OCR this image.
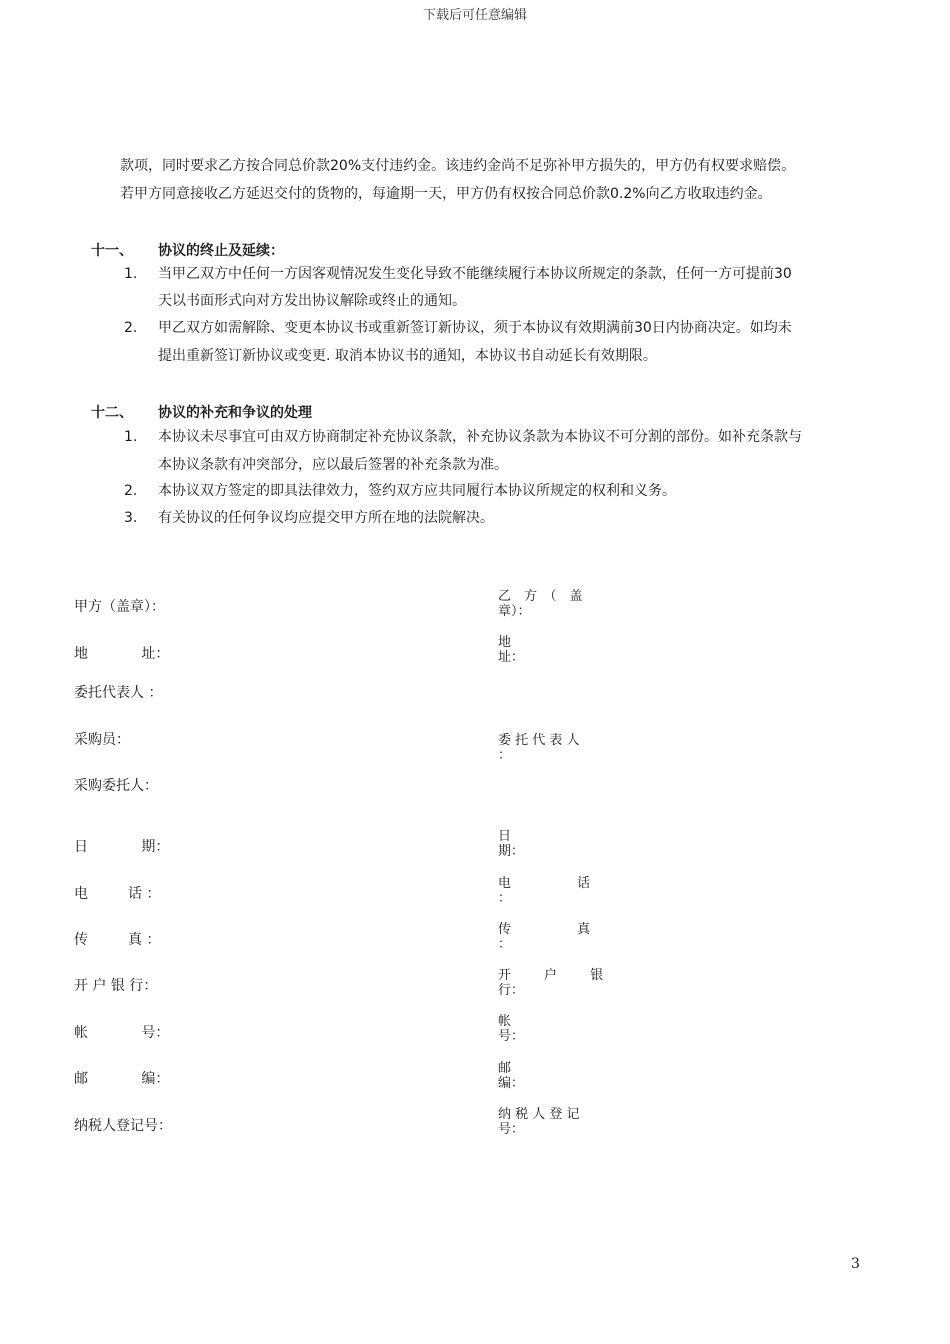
下载后可任意编辑
款项，同时要求乙方按合同总价款20%支付违约金。该违约金尚不足弥补甲方损失的，甲方仍有权要求赔偿。
若甲方同意接收乙方延迟交付的货物的，每逾期一天，甲方仍有权按合同总价款0.2%向乙方收取违约金。
十一、 协议的终止及延续：
1. 当甲乙双方中任何一方因客观情况发生变化导致不能继续履行本协议所规定的条款，任何一方可提前30
天以书面形式向对方发出协议解除或终止的通知。
2. 甲乙双方如需解除、变更本协议书或重新签订新协议，须于本协议有效期满前30日内协商决定。如均未
提出重新签订新协议或变更. 取消本协议书的通知，本协议书自动延长有效期限。
十二、 协议的补充和争议的处理
1. 本协议未尽事宜可由双方协商制定补充协议条款，补充协议条款为本协议不可分割的部份。如补充条款与
本协议条款有冲突部分，应以最后签署的补充条款为准。
2. 本协议双方签定的即具法律效力，签约双方应共同履行本协议所规定的权利和义务。
3. 有关协议的任何争议均应提交甲方所在地的法院解决。
甲方（盖章）：
地            址：
委托代表人 ：
采购员：
采购委托人：
日            期：
电         话 ：
传         真 ：
开 户 银 行：
帐            号：
邮            编：
纳税人登记号：
乙　方　（　盖
章）：
地
址：
委 托 代 表 人
：
日
期：
电                话
：
传                真
：
开        户        银
行：
帐
号：
邮
编：
纳 税 人 登 记
号：
3
